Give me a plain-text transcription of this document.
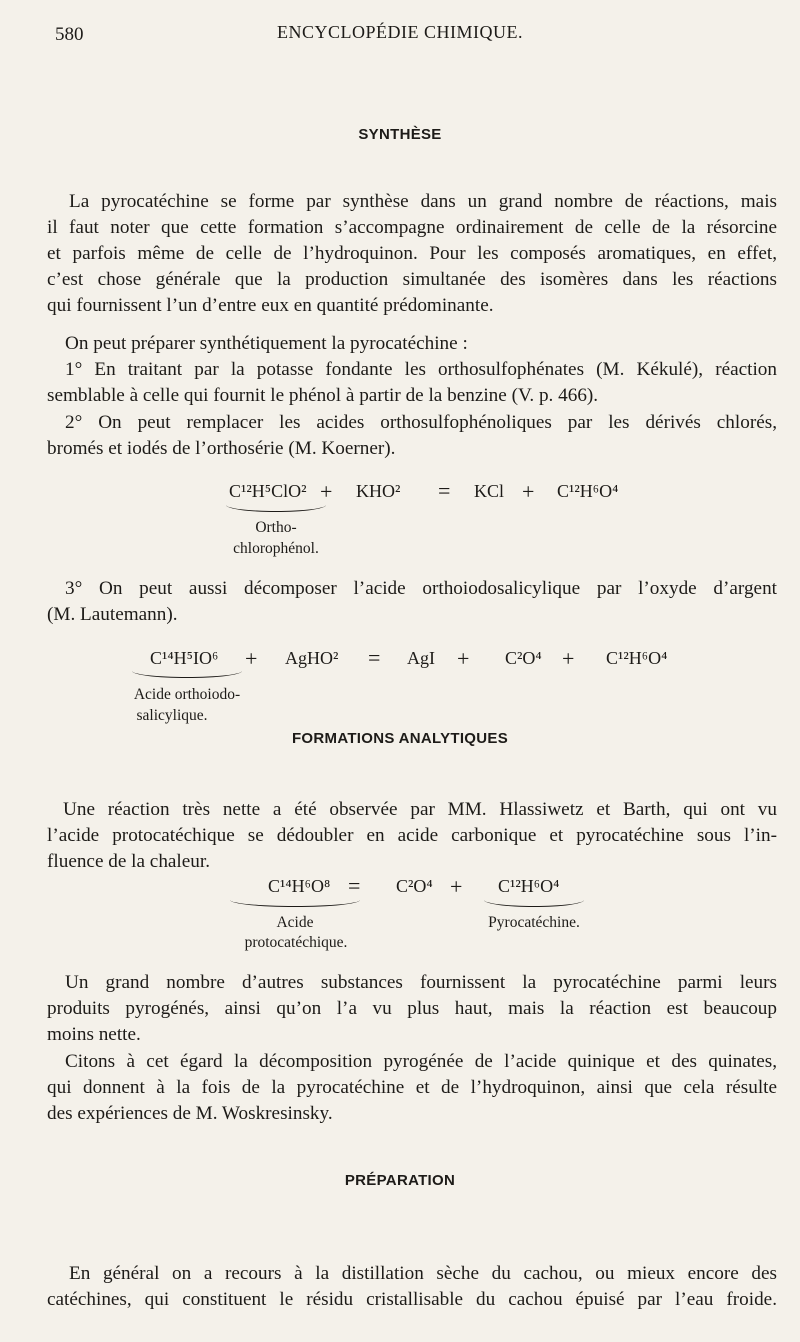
580	ENCYCLOPÉDIE CHIMIQUE.
SYNTHÈSE
La pyrocatéchine se forme par synthèse dans un grand nombre de réactions, mais
il faut noter que cette formation s’accompagne ordinairement de celle de la résorcine
et parfois même de celle de l’hydroquinon. Pour les composés aromatiques, en effet,
c’est chose générale que la production simultanée des isomères dans les réactions
qui fournissent l’un d’entre eux en quantité prédominante.
On peut préparer synthétiquement la pyrocatéchine :
1° En traitant par la potasse fondante les orthosulfophénates (M. Kékulé), réaction
semblable à celle qui fournit le phénol à partir de la benzine (V. p. 466).
2° On peut remplacer les acides orthosulfophénoliques par les dérivés chlorés,
bromés et iodés de l’orthosérie (M. Koerner).
C¹²H⁵ClO² + KHO² = KCl + C¹²H⁶O⁴
Ortho-
chlorophénol.
3° On peut aussi décomposer l’acide orthoiodosalicylique par l’oxyde d’argent
(M. Lautemann).
C¹⁴H⁵IO⁶ + AgHO² = AgI + C²O⁴ + C¹²H⁶O⁴
Acide orthoiodo-
salicylique.
FORMATIONS ANALYTIQUES
Une réaction très nette a été observée par MM. Hlassiwetz et Barth, qui ont vu
l’acide protocatéchique se dédoubler en acide carbonique et pyrocatéchine sous l’in-
fluence de la chaleur.
C¹⁴H⁶O⁸ = C²O⁴ + C¹²H⁶O⁴
Acide
protocatéchique.
Pyrocatéchine.
Un grand nombre d’autres substances fournissent la pyrocatéchine parmi leurs
produits pyrogénés, ainsi qu’on l’a vu plus haut, mais la réaction est beaucoup
moins nette.
Citons à cet égard la décomposition pyrogénée de l’acide quinique et des quinates,
qui donnent à la fois de la pyrocatéchine et de l’hydroquinon, ainsi que cela résulte
des expériences de M. Woskresinsky.
PRÉPARATION
En général on a recours à la distillation sèche du cachou, ou mieux encore des
catéchines, qui constituent le résidu cristallisable du cachou épuisé par l’eau froide.
